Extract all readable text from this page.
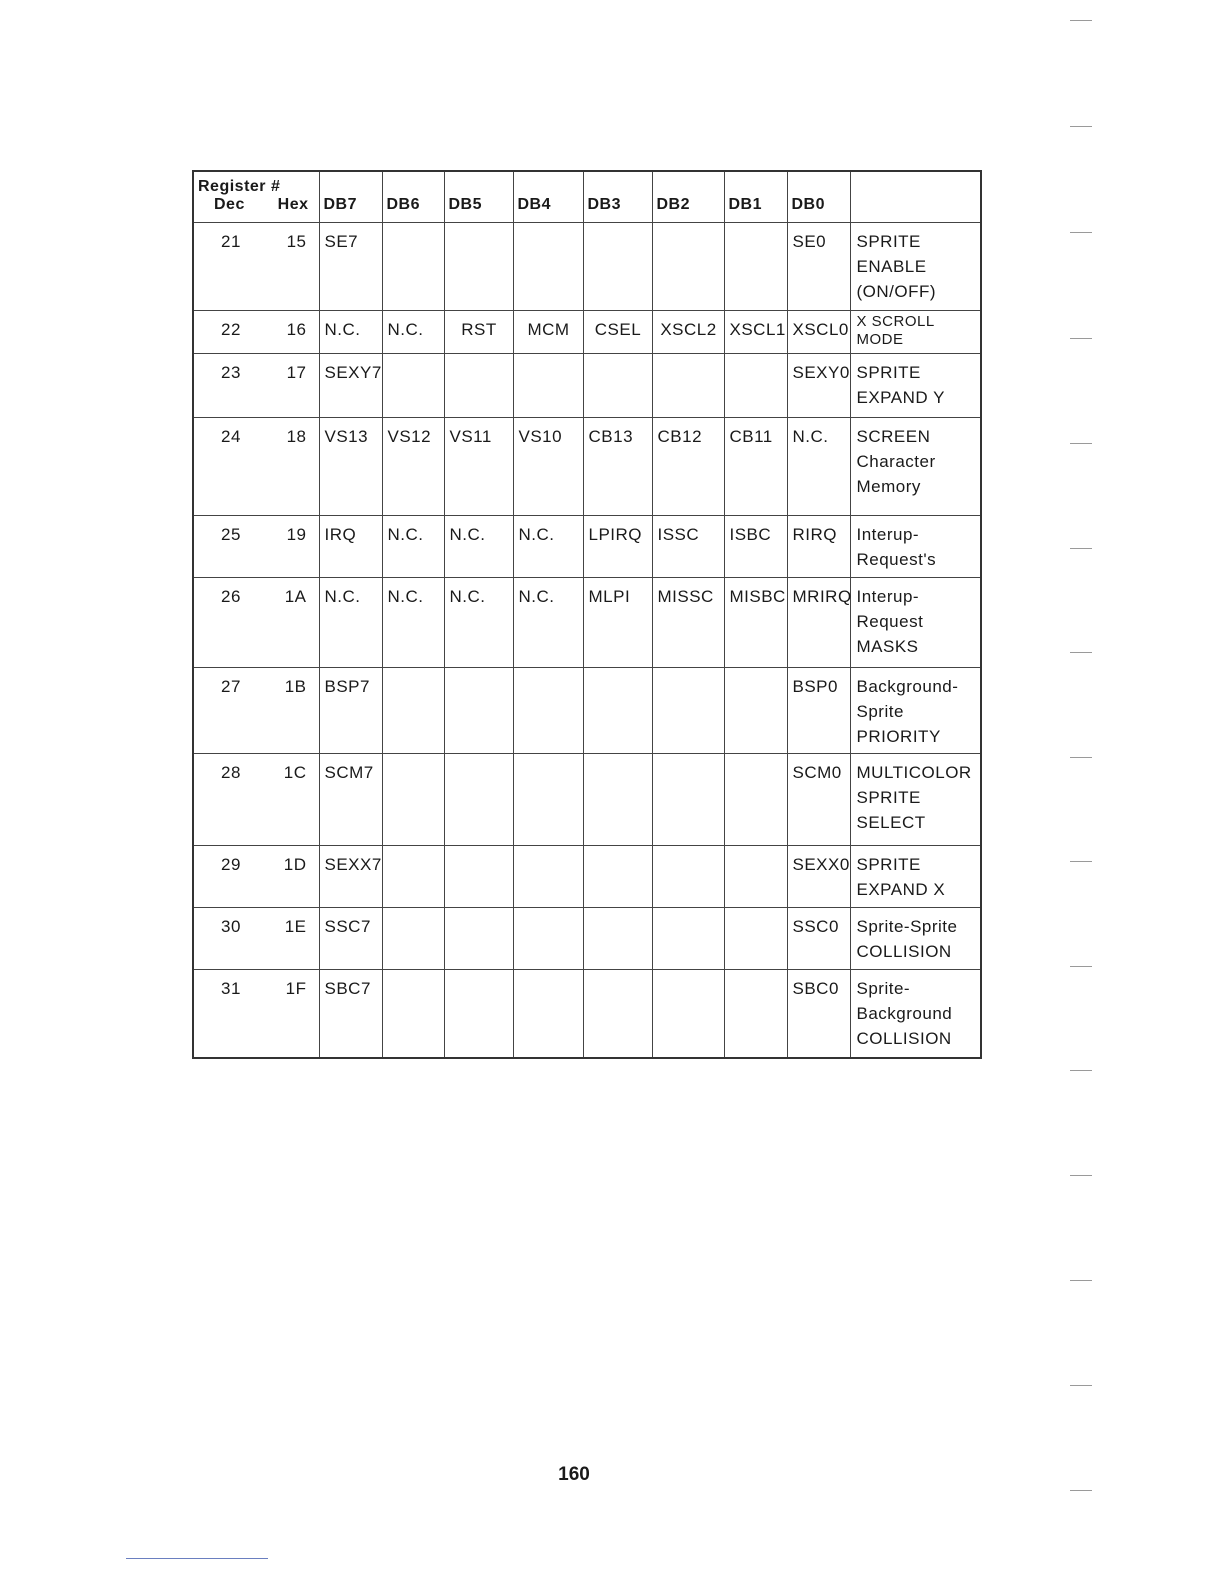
Register #
Dec Hex	DB7	DB6	DB5	DB4	DB3	DB2	DB1	DB0	

21 15	SE7							SE0	SPRITE
ENABLE
(ON/OFF)

22 16	N.C.	N.C.	RST	MCM	CSEL	XSCL2	XSCL1	XSCL0	X SCROLL
MODE

23 17	SEXY7							SEXY0	SPRITE
EXPAND Y

24 18	VS13	VS12	VS11	VS10	CB13	CB12	CB11	N.C.	SCREEN
Character
Memory

25 19	IRQ	N.C.	N.C.	N.C.	LPIRQ	ISSC	ISBC	RIRQ	Interup-
Request's

26 1A	N.C.	N.C.	N.C.	N.C.	MLPI	MISSC	MISBC	MRIRQ	Interup-
Request
MASKS

27 1B	BSP7							BSP0	Background-
Sprite
PRIORITY

28 1C	SCM7							SCM0	MULTICOLOR
SPRITE
SELECT

29 1D	SEXX7							SEXX0	SPRITE
EXPAND X

30 1E	SSC7							SSC0	Sprite-Sprite
COLLISION

31 1F	SBC7							SBC0	Sprite-
Background
COLLISION
160
